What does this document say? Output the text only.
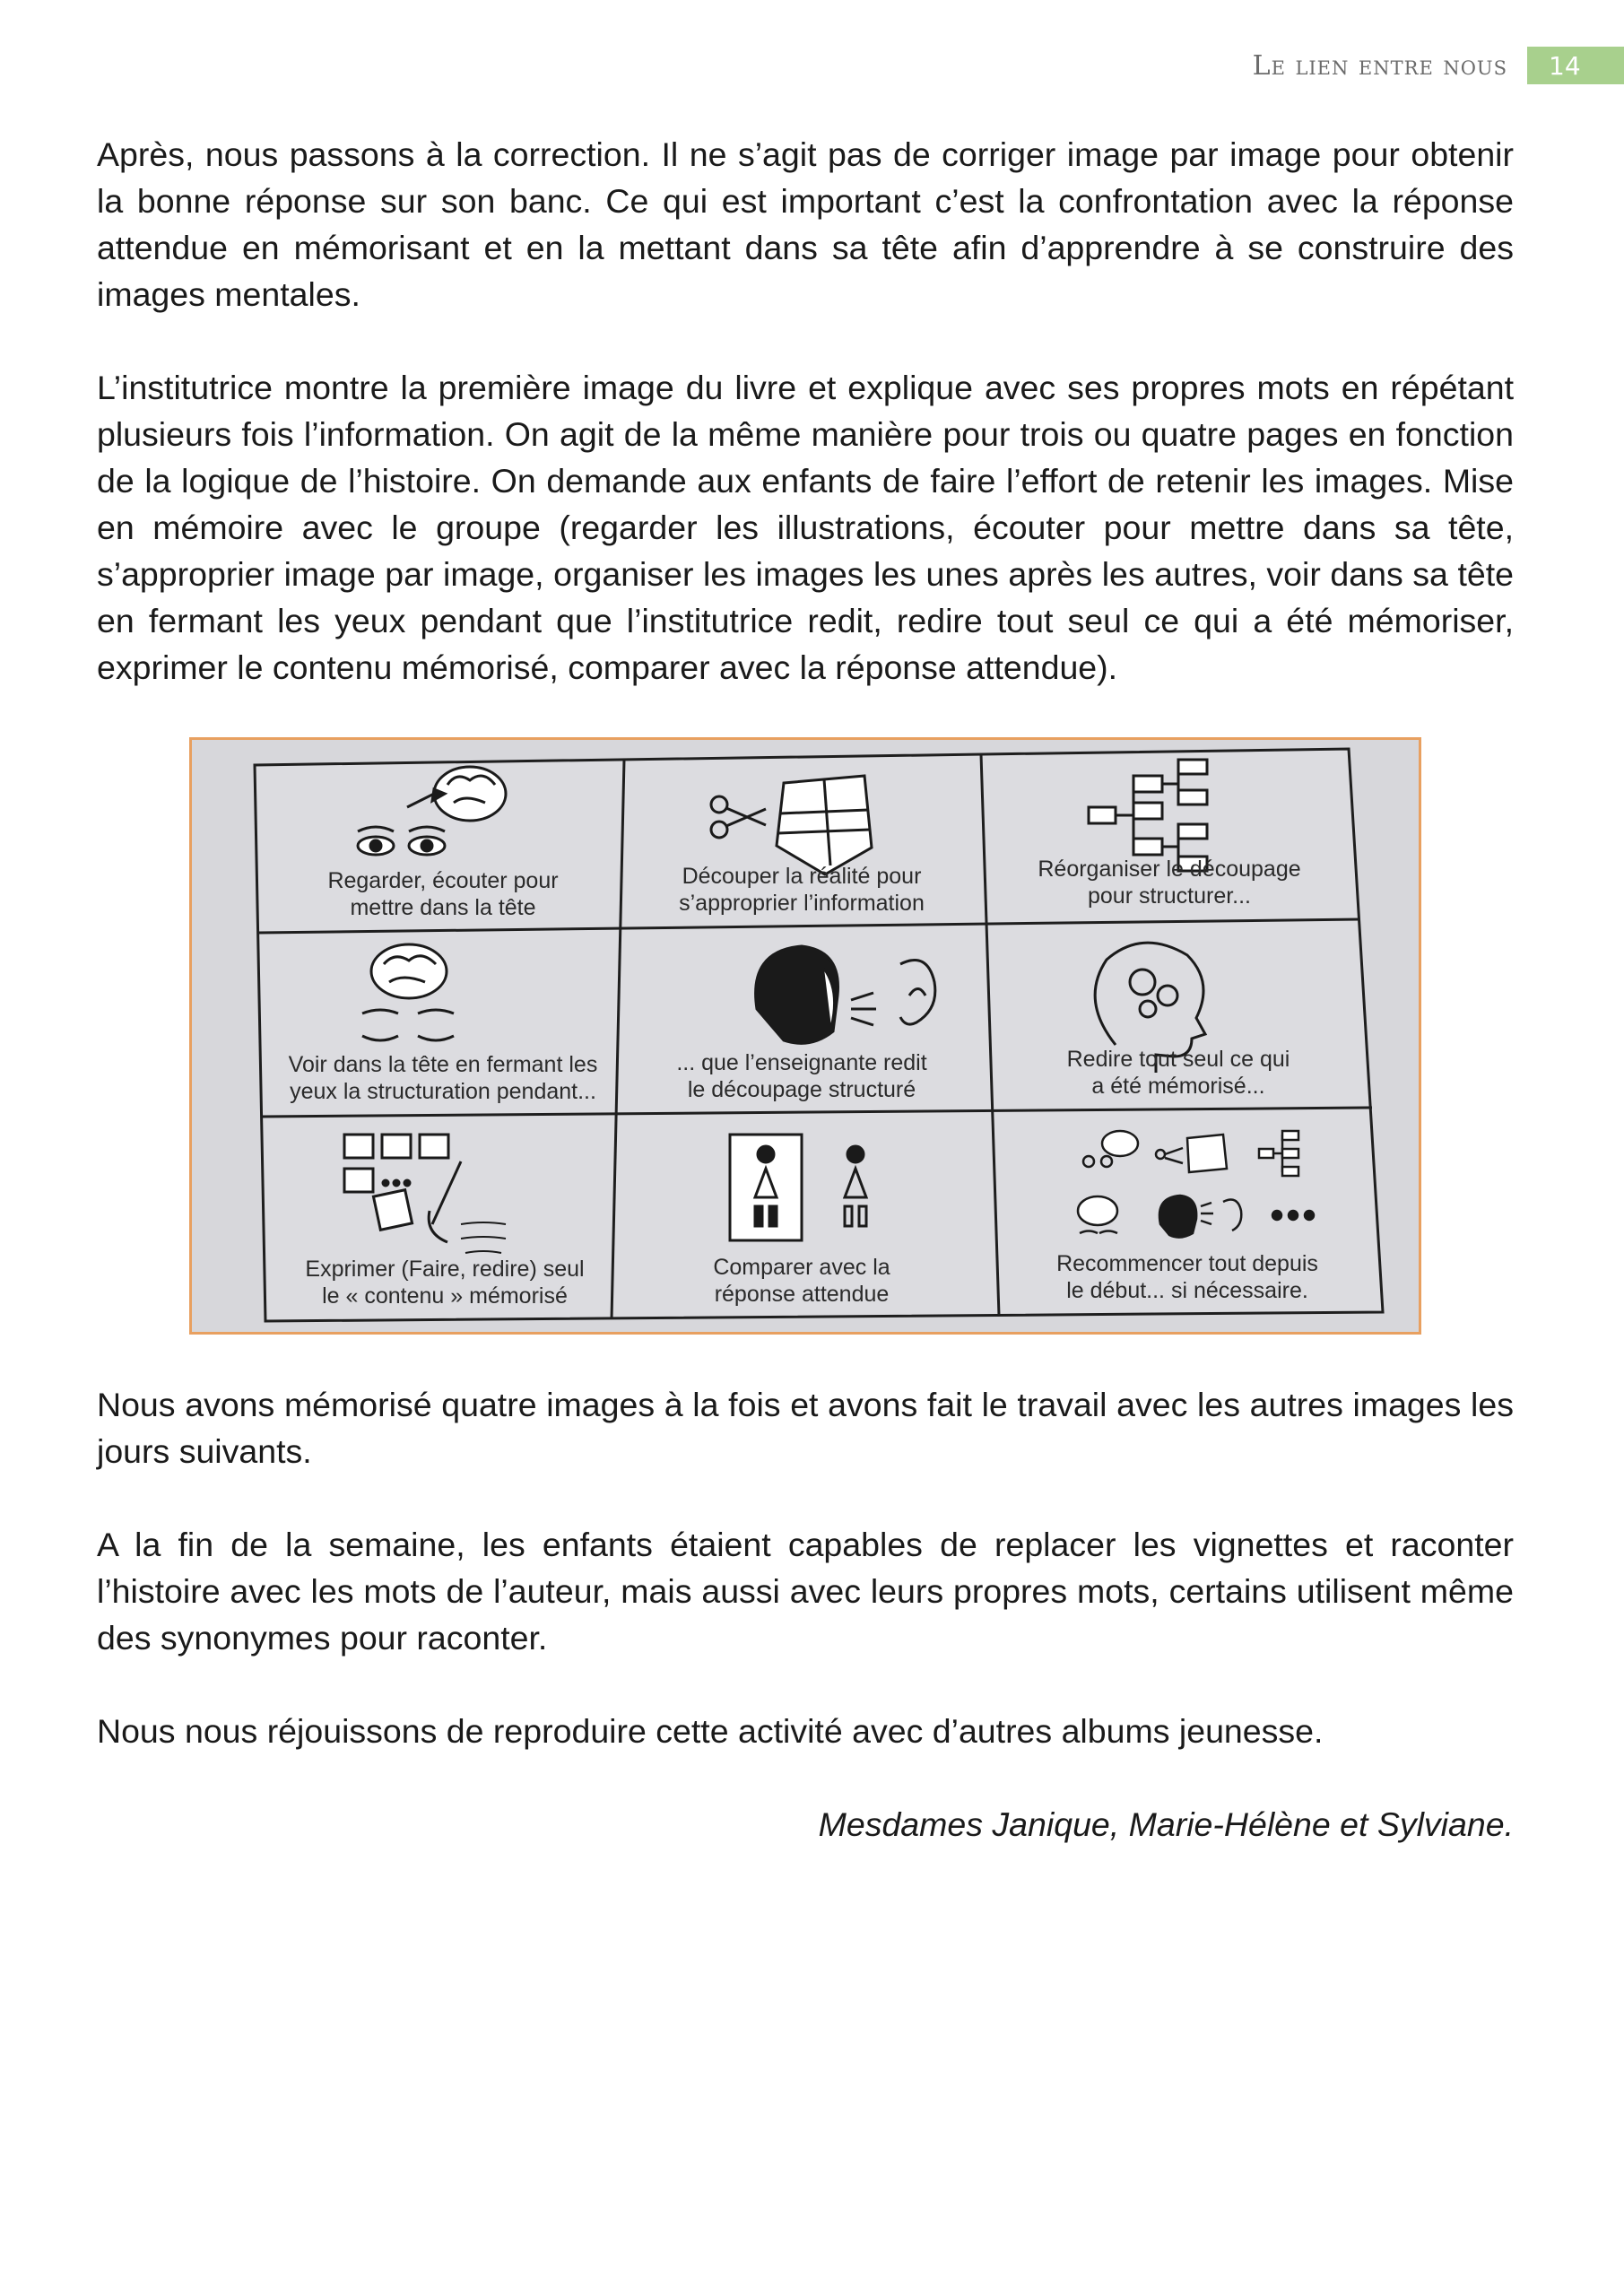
Le lien entre nous	14

Après, nous passons à la correction. Il ne s’agit pas de corriger image par image pour obtenir la bonne réponse sur son banc. Ce qui est important c’est la confrontation avec la réponse attendue en mémorisant et en la mettant dans sa tête afin d’apprendre à se construire des images mentales.

L’institutrice montre la première image du livre et explique avec ses propres mots en répétant plusieurs fois l’information. On agit de la même manière pour trois ou quatre pages en fonction de la logique de l’histoire. On demande aux enfants de faire l’effort de retenir les images. Mise en mémoire avec le groupe (regarder les illustrations, écouter pour mettre dans sa tête, s’approprier image par image, organiser les images les unes après les autres, voir dans sa tête en fermant les yeux pendant que l’institutrice redit, redire tout seul ce qui a été mémoriser, exprimer le contenu mémorisé, comparer avec la réponse attendue).

Regarder, écouter pour
mettre dans la tête
Découper la réalité pour
s’approprier l’information
Réorganiser le découpage
pour structurer...
Voir dans la tête en fermant les
yeux la structuration pendant...
... que l’enseignante redit
le découpage structuré
Redire tout seul ce qui
a été mémorisé...
Exprimer (Faire, redire) seul
le « contenu » mémorisé
Comparer avec la
réponse attendue
Recommencer tout depuis
le début... si nécessaire.

Nous avons mémorisé quatre images à la fois et avons fait le travail avec les autres images les jours suivants.

A la fin de la semaine, les enfants étaient capables de replacer les vignettes et raconter l’histoire avec les mots de l’auteur, mais aussi avec leurs propres mots, certains utilisent même des synonymes pour raconter.

Nous nous réjouissons de reproduire cette activité avec d’autres albums jeunesse.

Mesdames Janique, Marie-Hélène et Sylviane.
